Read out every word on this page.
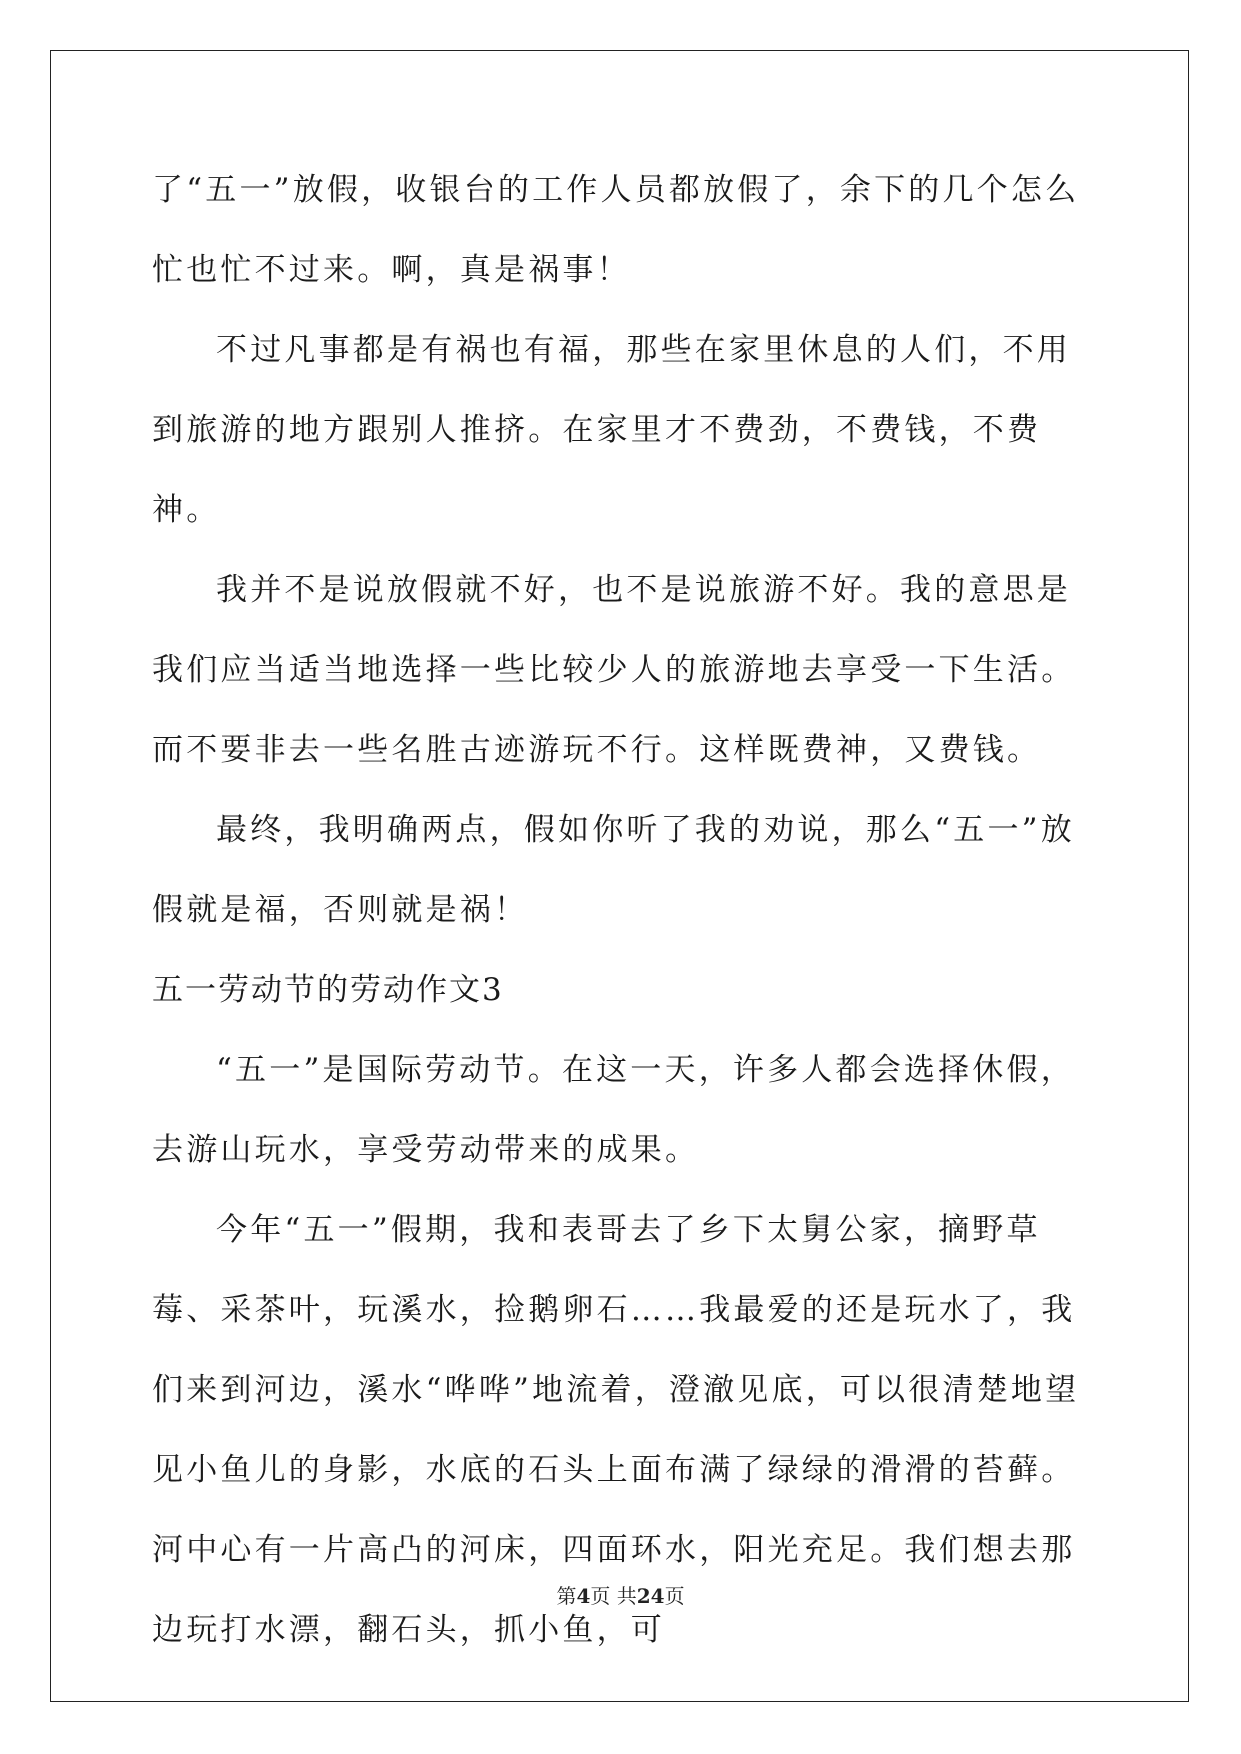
了“五一”放假，收银台的工作人员都放假了，余下的几个怎么忙也忙不过来。啊，真是祸事！

不过凡事都是有祸也有福，那些在家里休息的人们，不用到旅游的地方跟别人推挤。在家里才不费劲，不费钱，不费神。

我并不是说放假就不好，也不是说旅游不好。我的意思是我们应当适当地选择一些比较少人的旅游地去享受一下生活。而不要非去一些名胜古迹游玩不行。这样既费神，又费钱。

最终，我明确两点，假如你听了我的劝说，那么“五一”放假就是福，否则就是祸！

五一劳动节的劳动作文3

“五一”是国际劳动节。在这一天，许多人都会选择休假，去游山玩水，享受劳动带来的成果。

今年“五一”假期，我和表哥去了乡下太舅公家，摘野草莓、采茶叶，玩溪水，捡鹅卵石……我最爱的还是玩水了，我们来到河边，溪水“哗哗”地流着，澄澈见底，可以很清楚地望见小鱼儿的身影，水底的石头上面布满了绿绿的滑滑的苔藓。河中心有一片高凸的河床，四面环水，阳光充足。我们想去那边玩打水漂，翻石头，抓小鱼，可

第4页 共24页
